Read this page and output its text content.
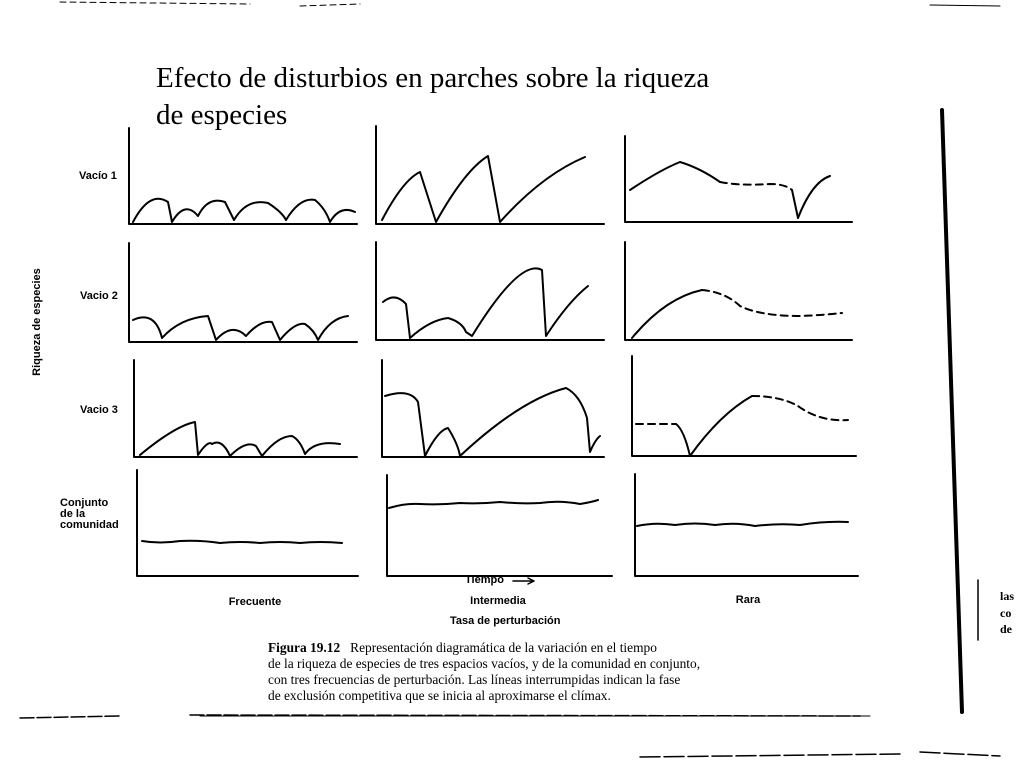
Efecto de disturbios en parches sobre la riqueza
de especies
Riqueza de especies
Vacío 1
Vacio 2
Vacio 3
Conjunto
de la
comunidad
Tiempo
Frecuente	Intermedia	Rara
Tasa de perturbación
Figura 19.12 Representación diagramática de la variación en el tiempo
de la riqueza de especies de tres espacios vacíos, y de la comunidad en conjunto,
con tres frecuencias de perturbación. Las líneas interrumpidas indican la fase
de exclusión competitiva que se inicia al aproximarse el clímax.
las
co
de
